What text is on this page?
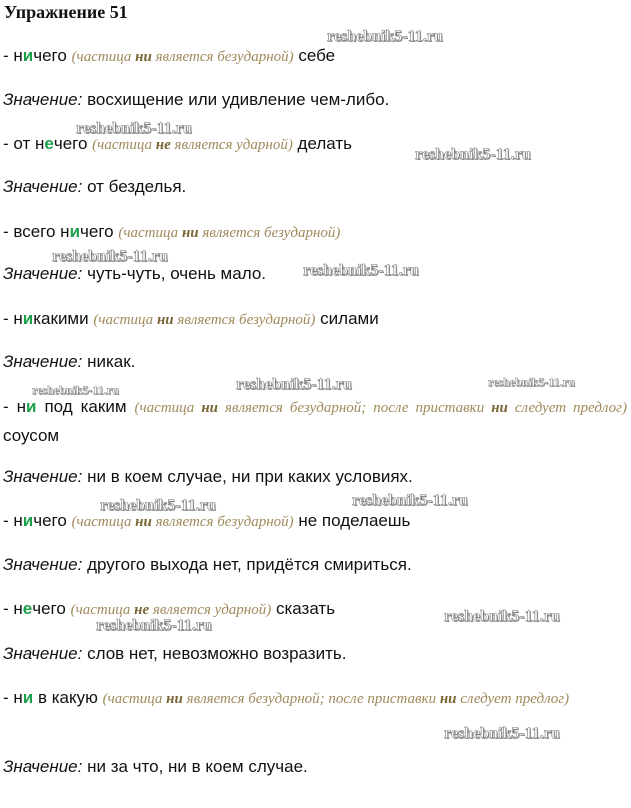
Упражнение 51
- ничего (частица ни является безударной) себе
Значение: восхищение или удивление чем-либо.
- от нечего (частица не является ударной) делать
Значение: от безделья.
- всего ничего (частица ни является безударной)
Значение: чуть-чуть, очень мало.
- никакими (частица ни является безударной) силами
Значение: никак.
- ни под каким (частица ни является безударной; после приставки ни следует предлог) соусом
Значение: ни в коем случае, ни при каких условиях.
- ничего (частица ни является безударной) не поделаешь
Значение: другого выхода нет, придётся смириться.
- нечего (частица не является ударной) сказать
Значение: слов нет, невозможно возразить.
- ни в какую (частица ни является безударной; после приставки ни следует предлог)
Значение: ни за что, ни в коем случае.
reshebnik5-11.ru
reshebnik5-11.ru
reshebnik5-11.ru
reshebnik5-11.ru
reshebnik5-11.ru
reshebnik5-11.ru	reshebnik5-11.ru	reshebnik5-11.ru
reshebnik5-11.ru	reshebnik5-11.ru
reshebnik5-11.ru
reshebnik5-11.ru
reshebnik5-11.ru
